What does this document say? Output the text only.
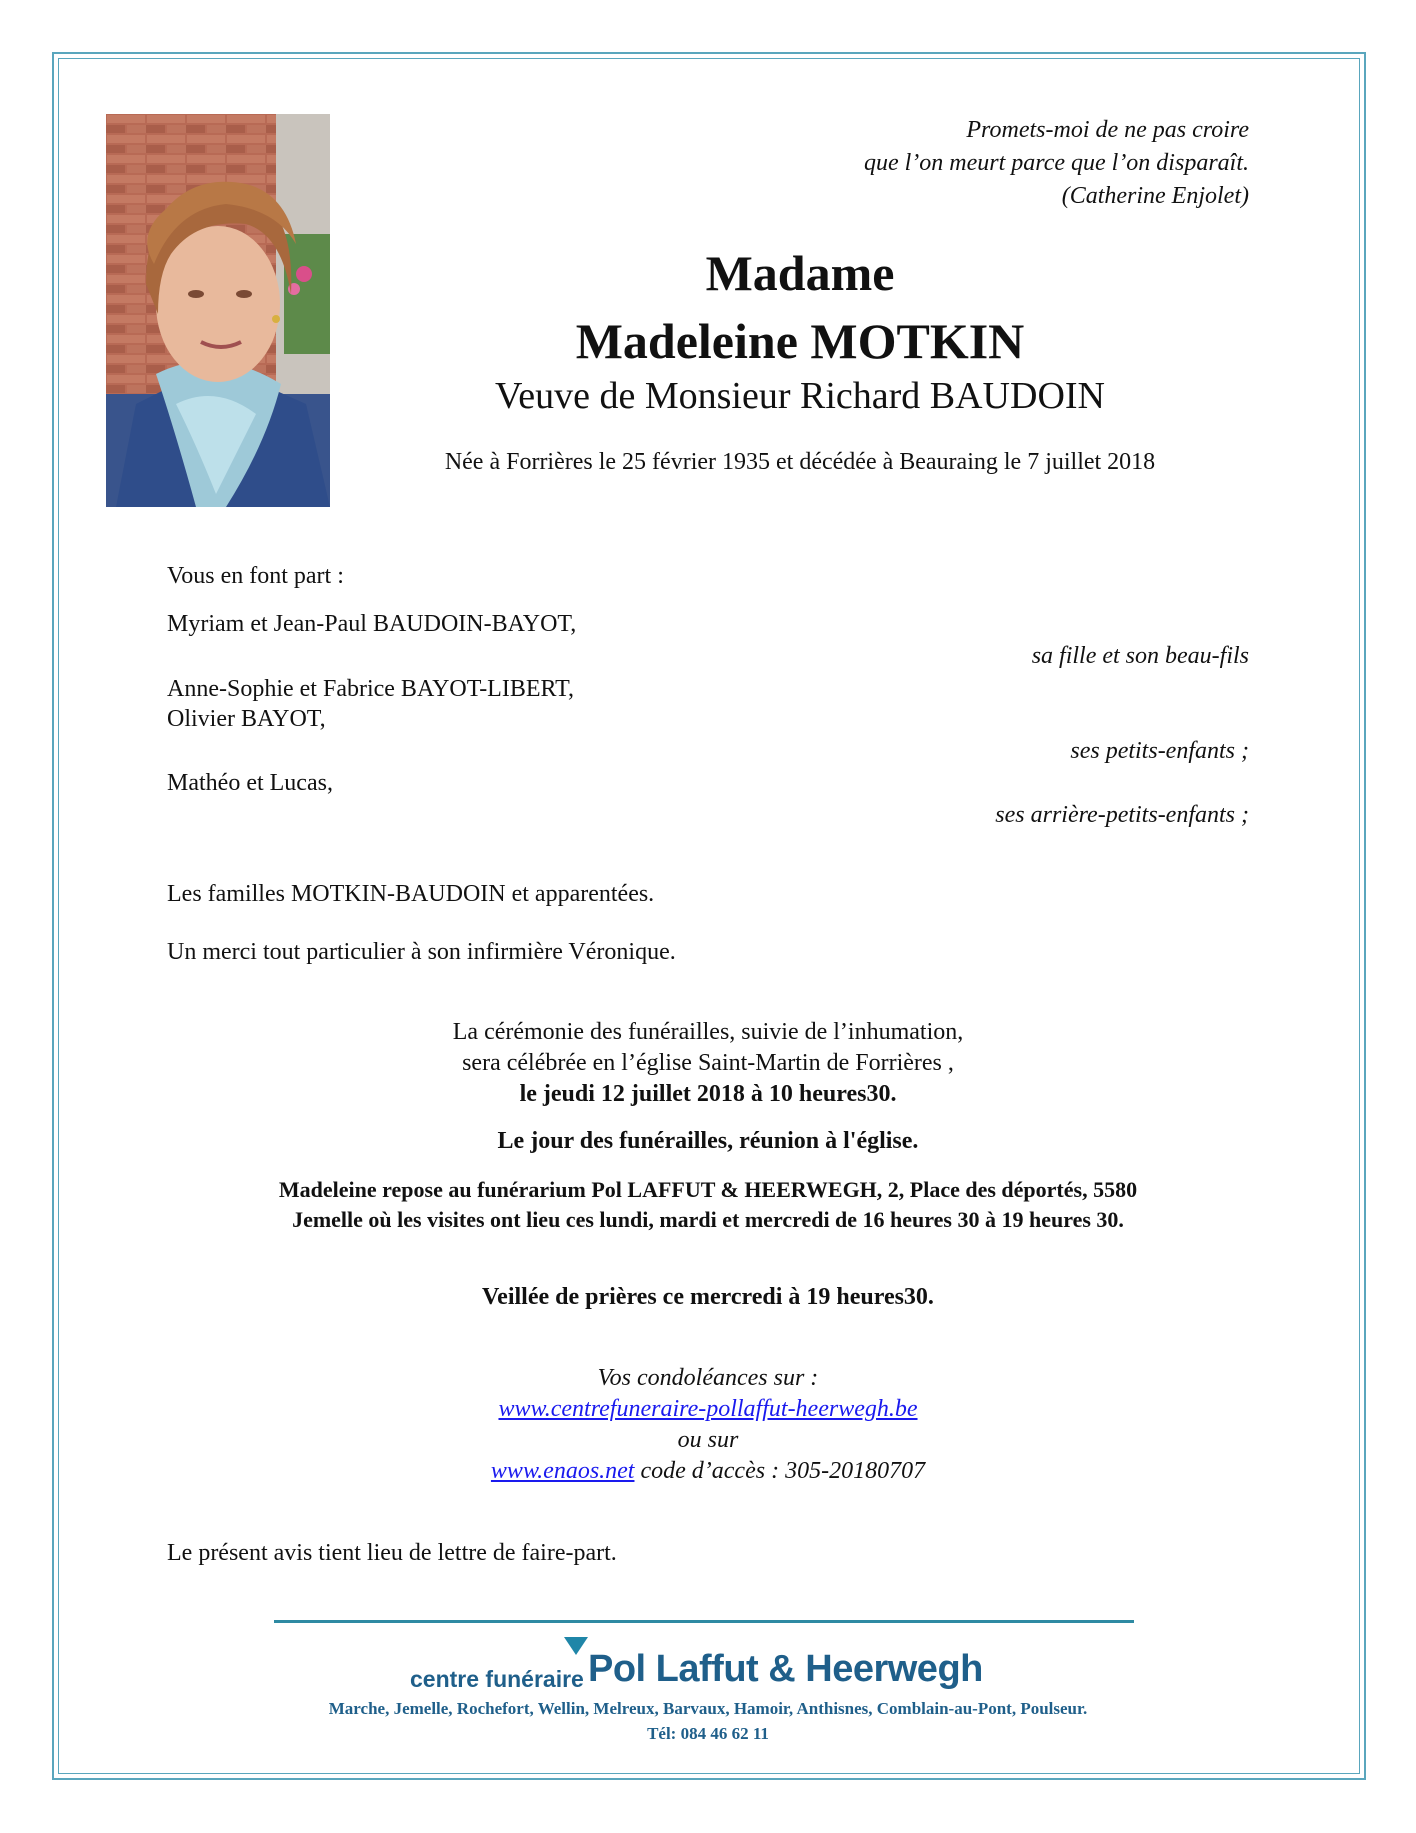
Promets-moi de ne pas croire
que l’on meurt parce que l’on disparaît.
(Catherine Enjolet)
Madame
Madeleine MOTKIN
Veuve de Monsieur Richard BAUDOIN
Née à Forrières le 25 février 1935 et décédée à Beauraing le 7 juillet 2018
Vous en font part :
Myriam et Jean-Paul BAUDOIN-BAYOT,
sa fille et son beau-fils
Anne-Sophie et Fabrice BAYOT-LIBERT,
Olivier BAYOT,
ses petits-enfants ;
Mathéo et Lucas,
ses arrière-petits-enfants ;
Les familles MOTKIN-BAUDOIN et apparentées.
Un merci tout particulier à son infirmière Véronique.
La cérémonie des funérailles, suivie de l’inhumation,
sera célébrée en l’église Saint-Martin de Forrières ,
le jeudi 12 juillet 2018 à 10 heures30.
Le jour des funérailles, réunion à l'église.
Madeleine repose au funérarium Pol LAFFUT & HEERWEGH, 2, Place des déportés, 5580
Jemelle où les visites ont lieu ces lundi, mardi et mercredi de 16 heures 30 à 19 heures 30.
Veillée de prières ce mercredi à 19 heures30.
Vos condoléances sur :
www.centrefuneraire-pollaffut-heerwegh.be
ou sur
www.enaos.net code d’accès : 305-20180707
Le présent avis tient lieu de lettre de faire-part.
centre funéraire Pol Laffut & Heerwegh
Marche, Jemelle, Rochefort, Wellin, Melreux, Barvaux, Hamoir, Anthisnes, Comblain-au-Pont, Poulseur.
Tél: 084 46 62 11
